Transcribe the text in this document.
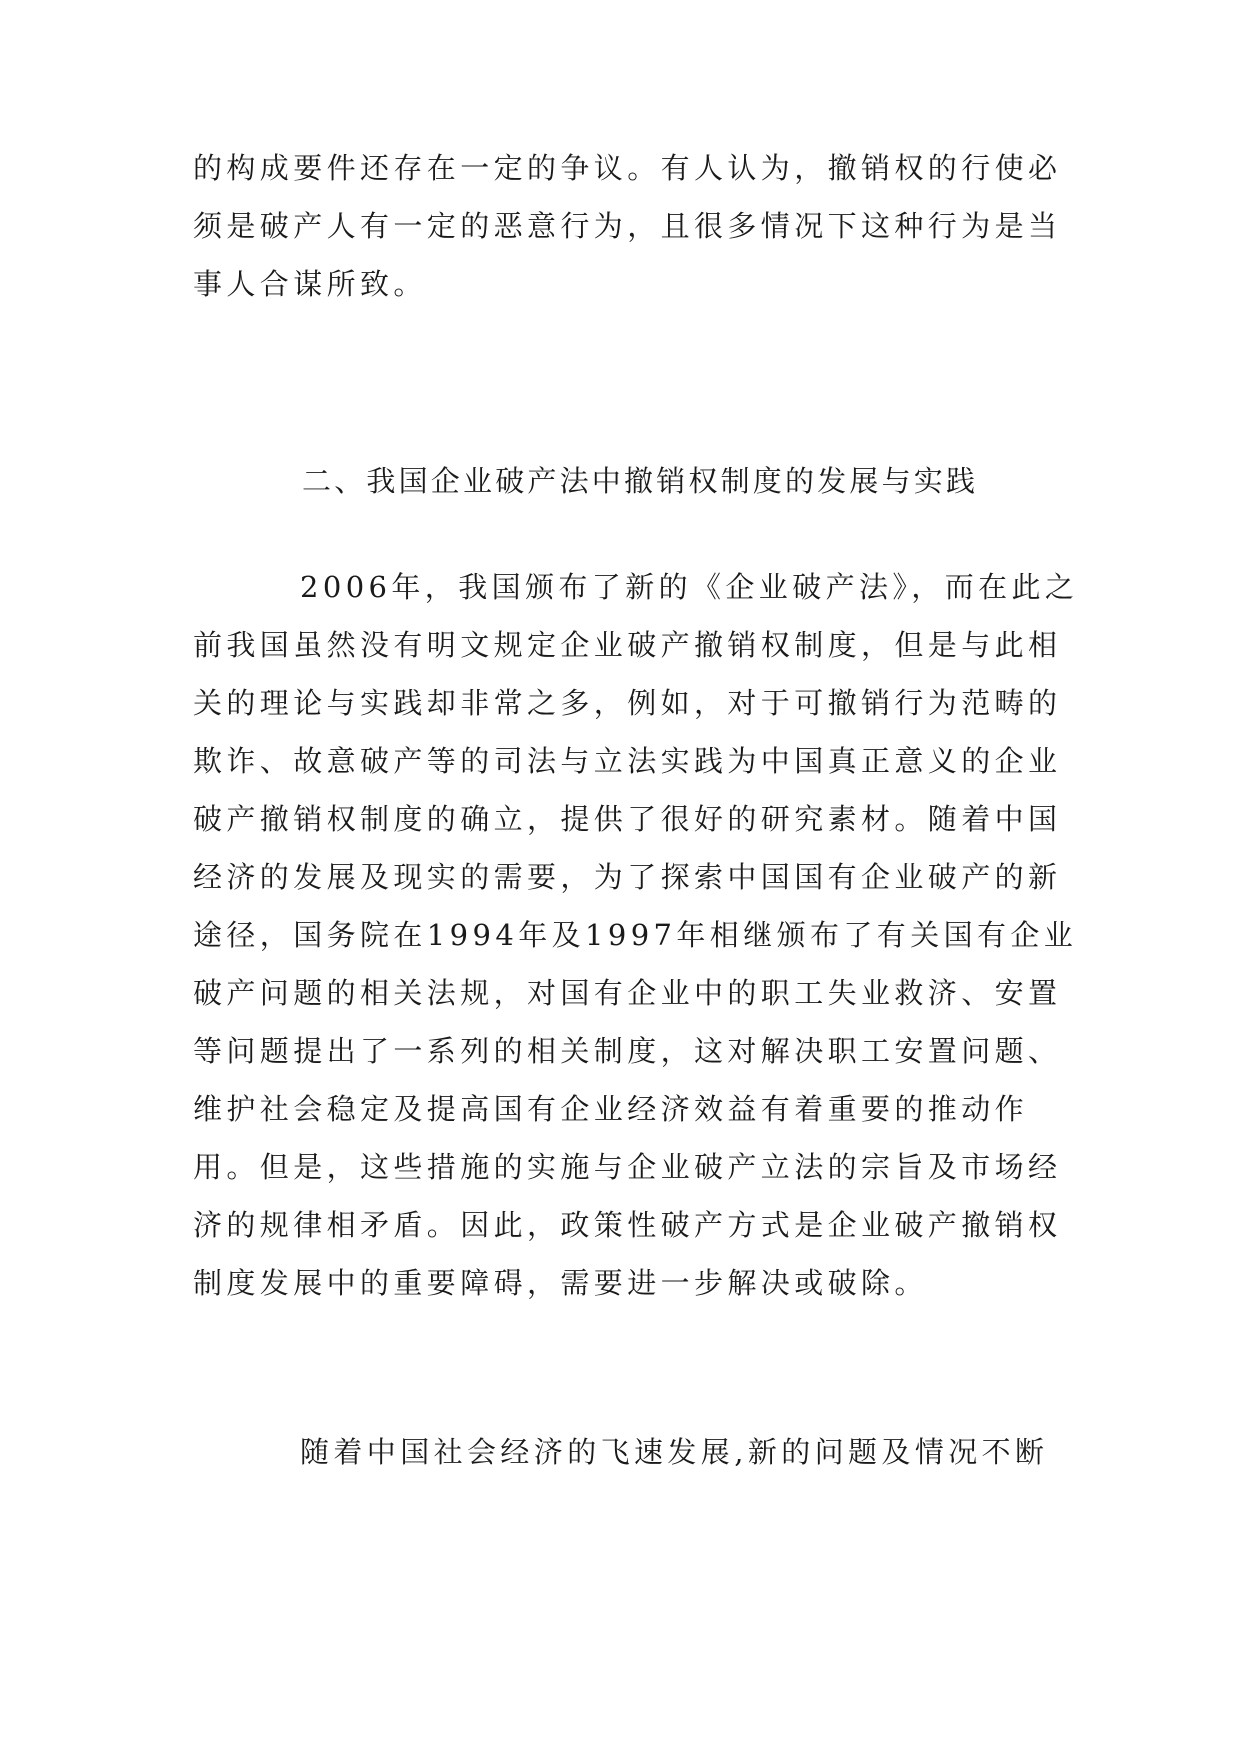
的构成要件还存在一定的争议。有人认为，撤销权的行使必
须是破产人有一定的恶意行为，且很多情况下这种行为是当
事人合谋所致。
二、我国企业破产法中撤销权制度的发展与实践
2006年，我国颁布了新的《企业破产法》，而在此之
前我国虽然没有明文规定企业破产撤销权制度，但是与此相
关的理论与实践却非常之多，例如，对于可撤销行为范畴的
欺诈、故意破产等的司法与立法实践为中国真正意义的企业
破产撤销权制度的确立，提供了很好的研究素材。随着中国
经济的发展及现实的需要，为了探索中国国有企业破产的新
途径，国务院在1994年及1997年相继颁布了有关国有企业
破产问题的相关法规，对国有企业中的职工失业救济、安置
等问题提出了一系列的相关制度，这对解决职工安置问题、
维护社会稳定及提高国有企业经济效益有着重要的推动作
用。但是，这些措施的实施与企业破产立法的宗旨及市场经
济的规律相矛盾。因此，政策性破产方式是企业破产撤销权
制度发展中的重要障碍，需要进一步解决或破除。
随着中国社会经济的飞速发展,新的问题及情况不断
